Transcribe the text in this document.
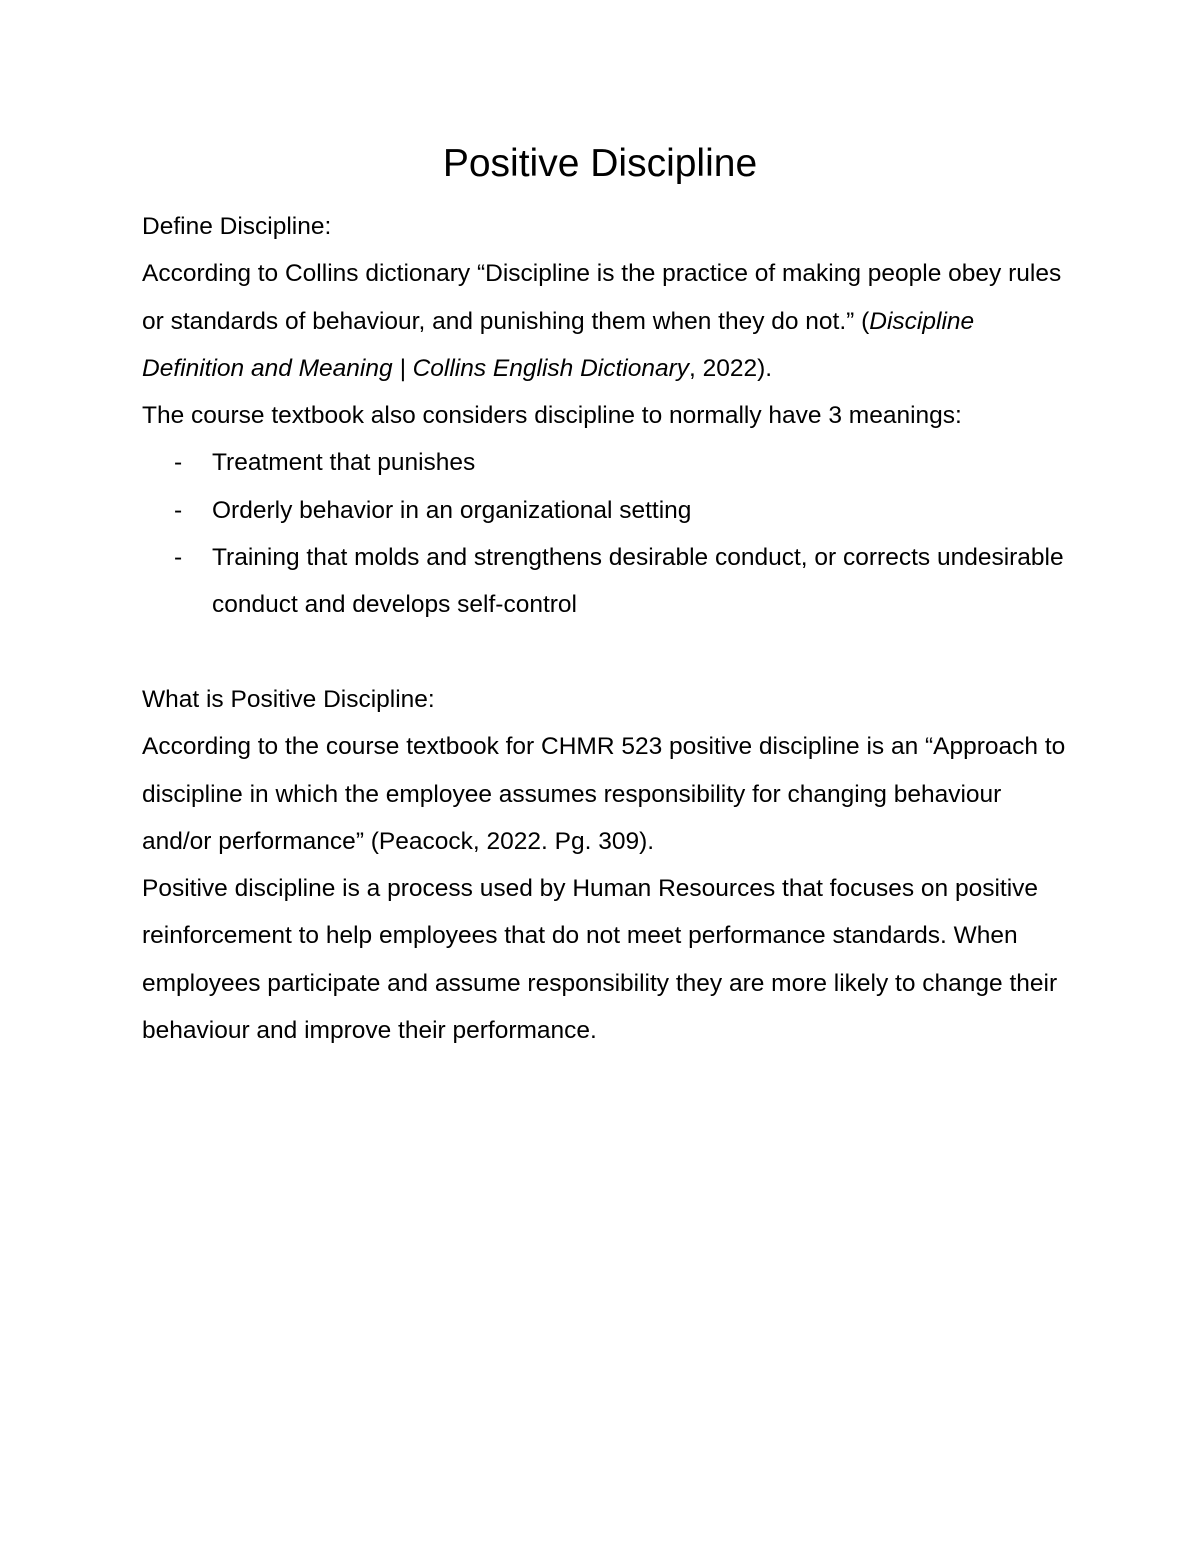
Positive Discipline

Define Discipline:

According to Collins dictionary “Discipline is the practice of making people obey rules or standards of behaviour, and punishing them when they do not.” (Discipline Definition and Meaning | Collins English Dictionary, 2022).

The course textbook also considers discipline to normally have 3 meanings:

- Treatment that punishes
- Orderly behavior in an organizational setting
- Training that molds and strengthens desirable conduct, or corrects undesirable conduct and develops self-control

What is Positive Discipline:

According to the course textbook for CHMR 523 positive discipline is an “Approach to discipline in which the employee assumes responsibility for changing behaviour and/or performance” (Peacock, 2022. Pg. 309).

Positive discipline is a process used by Human Resources that focuses on positive reinforcement to help employees that do not meet performance standards. When employees participate and assume responsibility they are more likely to change their behaviour and improve their performance.
